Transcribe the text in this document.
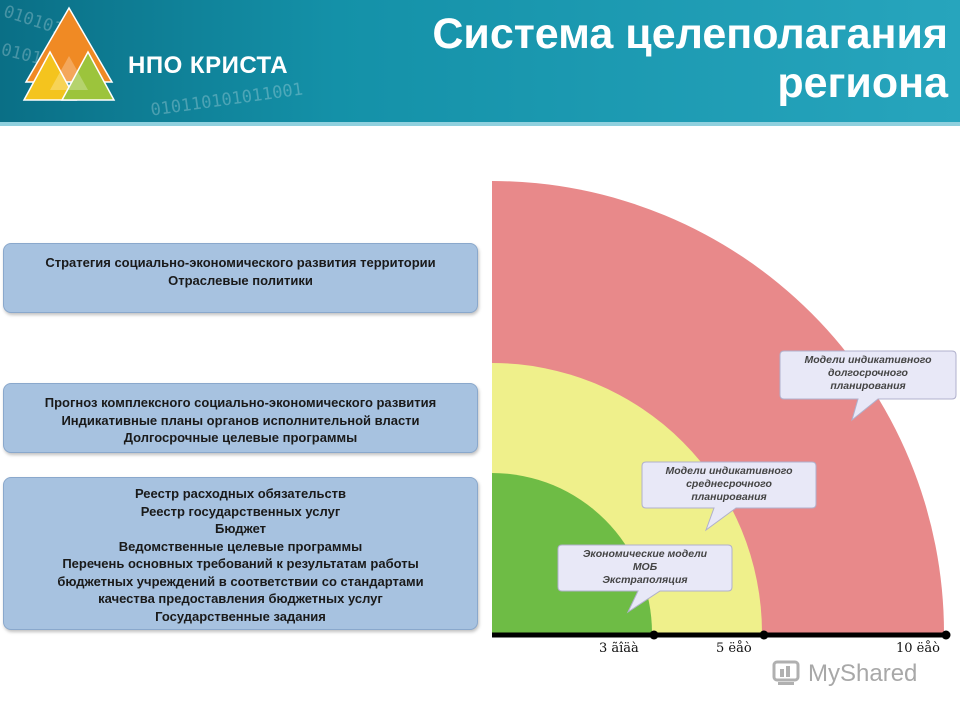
01010101
010110101011001
НПО КРИСТА
Система целеполагания
региона
Стратегия социально-экономического развития территории
Отраслевые политики
Прогноз комплексного социально-экономического развития
Индикативные планы органов исполнительной власти
Долгосрочные целевые программы
Реестр расходных обязательств
Реестр государственных услуг
Бюджет
Ведомственные целевые программы
Перечень основных требований к результатам работы
бюджетных учреждений в соответствии со стандартами
качества предоставления бюджетных услуг
Государственные задания
Модели индикативного
долгосрочного
планирования
Модели индикативного
среднесрочного
планирования
Экономические модели
МОБ
Экстраполяция
3 ãîäà	5 ëåò	10 ëåò
MyShared
